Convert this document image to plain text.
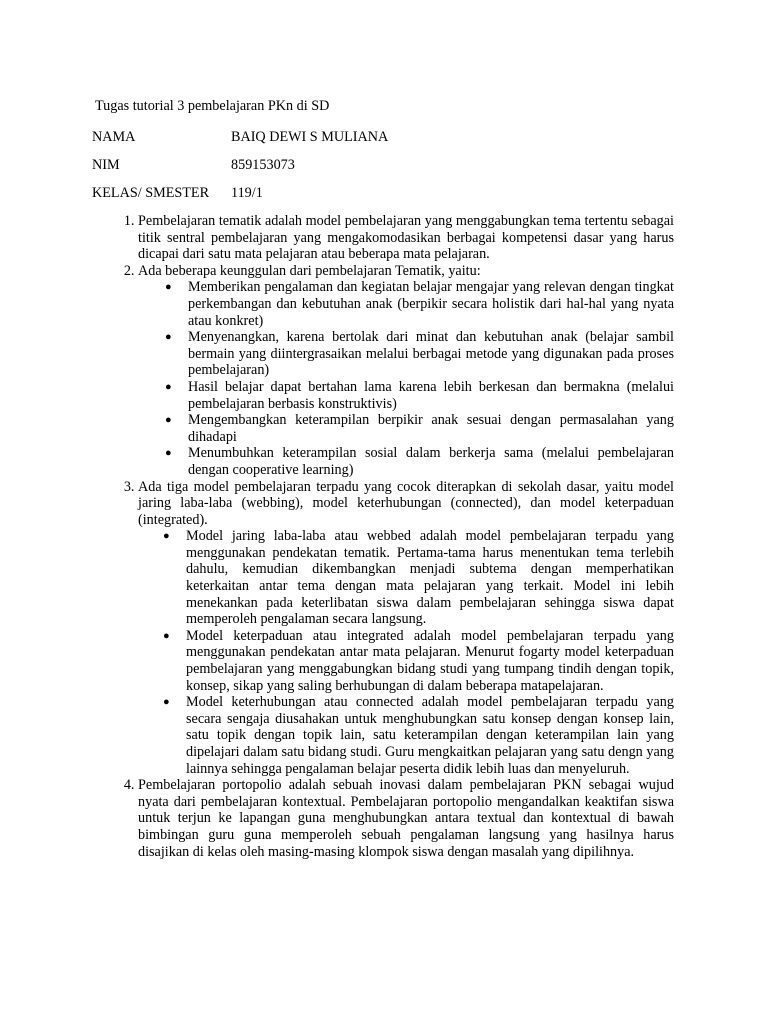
Tugas tutorial 3 pembelajaran PKn di SD
NAMA	BAIQ DEWI S MULIANA
NIM	859153073
KELAS/ SMESTER 119/1
1. Pembelajaran tematik adalah model pembelajaran yang menggabungkan tema tertentu sebagai titik sentral pembelajaran yang mengakomodasikan berbagai kompetensi dasar yang harus dicapai dari satu mata pelajaran atau beberapa mata pelajaran.
2. Ada beberapa keunggulan dari pembelajaran Tematik, yaitu:
● Memberikan pengalaman dan kegiatan belajar mengajar yang relevan dengan tingkat perkembangan dan kebutuhan anak (berpikir secara holistik dari hal-hal yang nyata atau konkret)
● Menyenangkan, karena bertolak dari minat dan kebutuhan anak (belajar sambil bermain yang diintergrasaikan melalui berbagai metode yang digunakan pada proses pembelajaran)
● Hasil belajar dapat bertahan lama karena lebih berkesan dan bermakna (melalui pembelajaran berbasis konstruktivis)
● Mengembangkan keterampilan berpikir anak sesuai dengan permasalahan yang dihadapi
● Menumbuhkan keterampilan sosial dalam berkerja sama (melalui pembelajaran dengan cooperative learning)
3. Ada tiga model pembelajaran terpadu yang cocok diterapkan di sekolah dasar, yaitu model jaring laba-laba (webbing), model keterhubungan (connected), dan model keterpaduan (integrated).
● Model jaring laba-laba atau webbed adalah model pembelajaran terpadu yang menggunakan pendekatan tematik. Pertama-tama harus menentukan tema terlebih dahulu, kemudian dikembangkan menjadi subtema dengan memperhatikan keterkaitan antar tema dengan mata pelajaran yang terkait. Model ini lebih menekankan pada keterlibatan siswa dalam pembelajaran sehingga siswa dapat memperoleh pengalaman secara langsung.
● Model keterpaduan atau integrated adalah model pembelajaran terpadu yang menggunakan pendekatan antar mata pelajaran. Menurut fogarty model keterpaduan pembelajaran yang menggabungkan bidang studi yang tumpang tindih dengan topik, konsep, sikap yang saling berhubungan di dalam beberapa matapelajaran.
● Model keterhubungan atau connected adalah model pembelajaran terpadu yang secara sengaja diusahakan untuk menghubungkan satu konsep dengan konsep lain, satu topik dengan topik lain, satu keterampilan dengan keterampilan lain yang dipelajari dalam satu bidang studi. Guru mengkaitkan pelajaran yang satu dengn yang lainnya sehingga pengalaman belajar peserta didik lebih luas dan menyeluruh.
4. Pembelajaran portopolio adalah sebuah inovasi dalam pembelajaran PKN sebagai wujud nyata dari pembelajaran kontextual. Pembelajaran portopolio mengandalkan keaktifan siswa untuk terjun ke lapangan guna menghubungkan antara textual dan kontextual di bawah bimbingan guru guna memperoleh sebuah pengalaman langsung yang hasilnya harus disajikan di kelas oleh masing-masing klompok siswa dengan masalah yang dipilihnya.
